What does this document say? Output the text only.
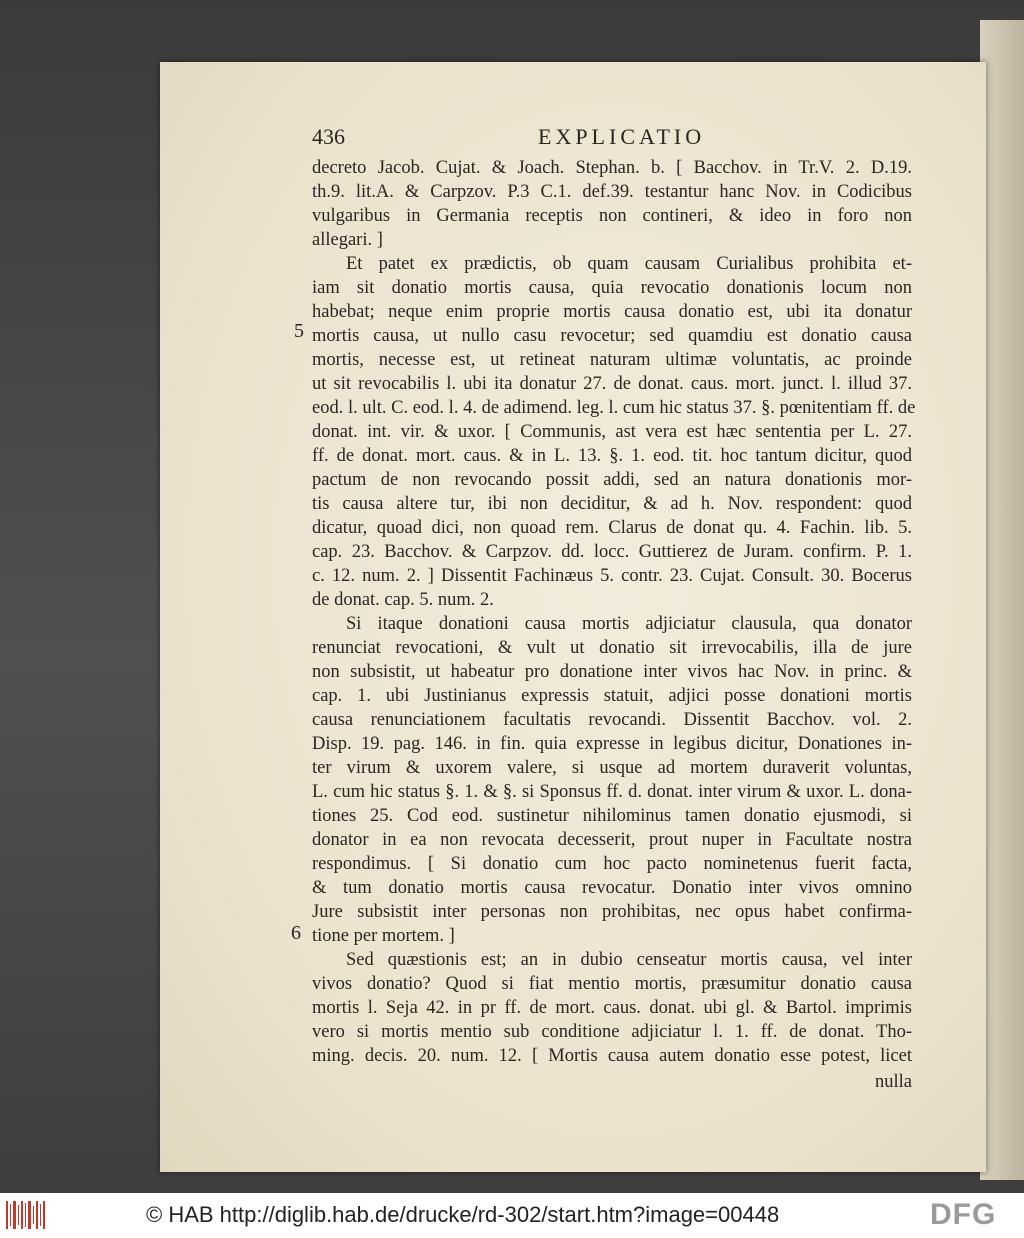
436	EXPLICATIO
5
6
decreto Jacob. Cujat. & Joach. Stephan. b. [ Bacchov. in Tr.V. 2. D.19.
th.9. lit.A. & Carpzov. P.3 C.1. def.39. testantur hanc Nov. in Codicibus
vulgaribus in Germania receptis non contineri, & ideo in foro non
allegari. ]
Et patet ex prædictis, ob quam causam Curialibus prohibita et-
iam sit donatio mortis causa, quia revocatio donationis locum non
habebat; neque enim proprie mortis causa donatio est, ubi ita donatur
mortis causa, ut nullo casu revocetur; sed quamdiu est donatio causa
mortis, necesse est, ut retineat naturam ultimæ voluntatis, ac proinde
ut sit revocabilis l. ubi ita donatur 27. de donat. caus. mort. junct. l. illud 37.
eod. l. ult. C. eod. l. 4. de adimend. leg. l. cum hic status 37. §. pœnitentiam ff. de
donat. int. vir. & uxor. [ Communis, ast vera est hæc sententia per L. 27.
ff. de donat. mort. caus. & in L. 13. §. 1. eod. tit. hoc tantum dicitur, quod
pactum de non revocando possit addi, sed an natura donationis mor-
tis causa altere tur, ibi non deciditur, & ad h. Nov. respondent: quod
dicatur, quoad dici, non quoad rem. Clarus de donat qu. 4. Fachin. lib. 5.
cap. 23. Bacchov. & Carpzov. dd. locc. Guttierez de Juram. confirm. P. 1.
c. 12. num. 2. ] Dissentit Fachinæus 5. contr. 23. Cujat. Consult. 30. Bocerus
de donat. cap. 5. num. 2.
Si itaque donationi causa mortis adjiciatur clausula, qua donator
renunciat revocationi, & vult ut donatio sit irrevocabilis, illa de jure
non subsistit, ut habeatur pro donatione inter vivos hac Nov. in princ. &
cap. 1. ubi Justinianus expressis statuit, adjici posse donationi mortis
causa renunciationem facultatis revocandi. Dissentit Bacchov. vol. 2.
Disp. 19. pag. 146. in fin. quia expresse in legibus dicitur, Donationes in-
ter virum & uxorem valere, si usque ad mortem duraverit voluntas,
L. cum hic status §. 1. & §. si Sponsus ff. d. donat. inter virum & uxor. L. dona-
tiones 25. Cod eod. sustinetur nihilominus tamen donatio ejusmodi, si
donator in ea non revocata decesserit, prout nuper in Facultate nostra
respondimus. [ Si donatio cum hoc pacto nominetenus fuerit facta,
& tum donatio mortis causa revocatur. Donatio inter vivos omnino
Jure subsistit inter personas non prohibitas, nec opus habet confirma-
tione per mortem. ]
Sed quæstionis est; an in dubio censeatur mortis causa, vel inter
vivos donatio? Quod si fiat mentio mortis, præsumitur donatio causa
mortis l. Seja 42. in pr ff. de mort. caus. donat. ubi gl. & Bartol. imprimis
vero si mortis mentio sub conditione adjiciatur l. 1. ff. de donat. Tho-
ming. decis. 20. num. 12. [ Mortis causa autem donatio esse potest, licet
nulla
© HAB http://diglib.hab.de/drucke/rd-302/start.htm?image=00448	DFG
